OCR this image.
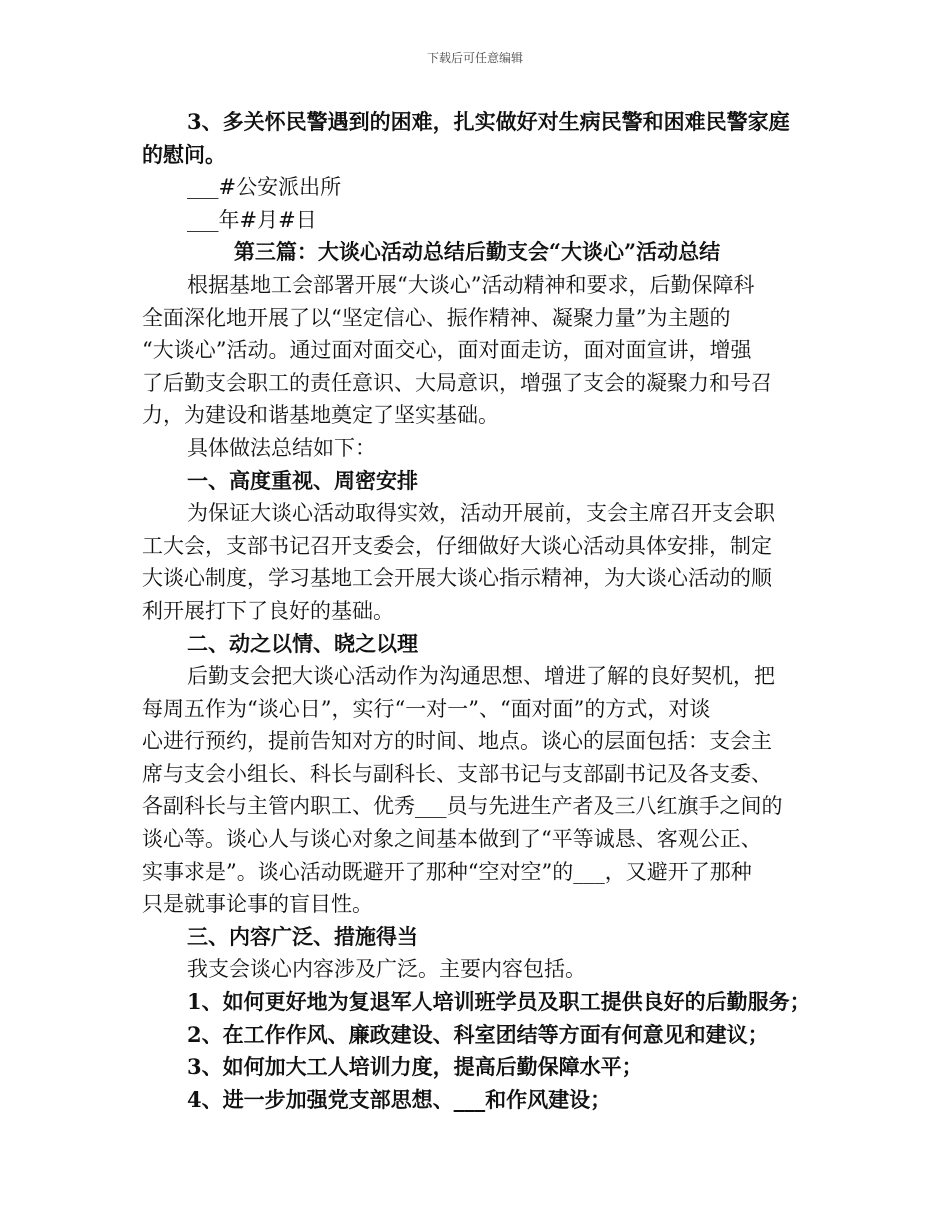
下载后可任意编辑
3、多关怀民警遇到的困难，扎实做好对生病民警和困难民警家庭
的慰问。
___#公安派出所
___年#月#日
第三篇：大谈心活动总结后勤支会“大谈心”活动总结
根据基地工会部署开展“大谈心”活动精神和要求，后勤保障科
全面深化地开展了以“坚定信心、振作精神、凝聚力量”为主题的
“大谈心”活动。通过面对面交心，面对面走访，面对面宣讲，增强
了后勤支会职工的责任意识、大局意识，增强了支会的凝聚力和号召
力，为建设和谐基地奠定了坚实基础。
具体做法总结如下：
一、高度重视、周密安排
为保证大谈心活动取得实效，活动开展前，支会主席召开支会职
工大会，支部书记召开支委会，仔细做好大谈心活动具体安排，制定
大谈心制度，学习基地工会开展大谈心指示精神，为大谈心活动的顺
利开展打下了良好的基础。
二、动之以情、晓之以理
后勤支会把大谈心活动作为沟通思想、增进了解的良好契机，把
每周五作为“谈心日”，实行“一对一”、“面对面”的方式，对谈
心进行预约，提前告知对方的时间、地点。谈心的层面包括：支会主
席与支会小组长、科长与副科长、支部书记与支部副书记及各支委、
各副科长与主管内职工、优秀___员与先进生产者及三八红旗手之间的
谈心等。谈心人与谈心对象之间基本做到了“平等诚恳、客观公正、
实事求是”。谈心活动既避开了那种“空对空”的___，又避开了那种
只是就事论事的盲目性。
三、内容广泛、措施得当
我支会谈心内容涉及广泛。主要内容包括。
1、如何更好地为复退军人培训班学员及职工提供良好的后勤服务；
2、在工作作风、廉政建设、科室团结等方面有何意见和建议；
3、如何加大工人培训力度，提高后勤保障水平；
4、进一步加强党支部思想、___和作风建设；
